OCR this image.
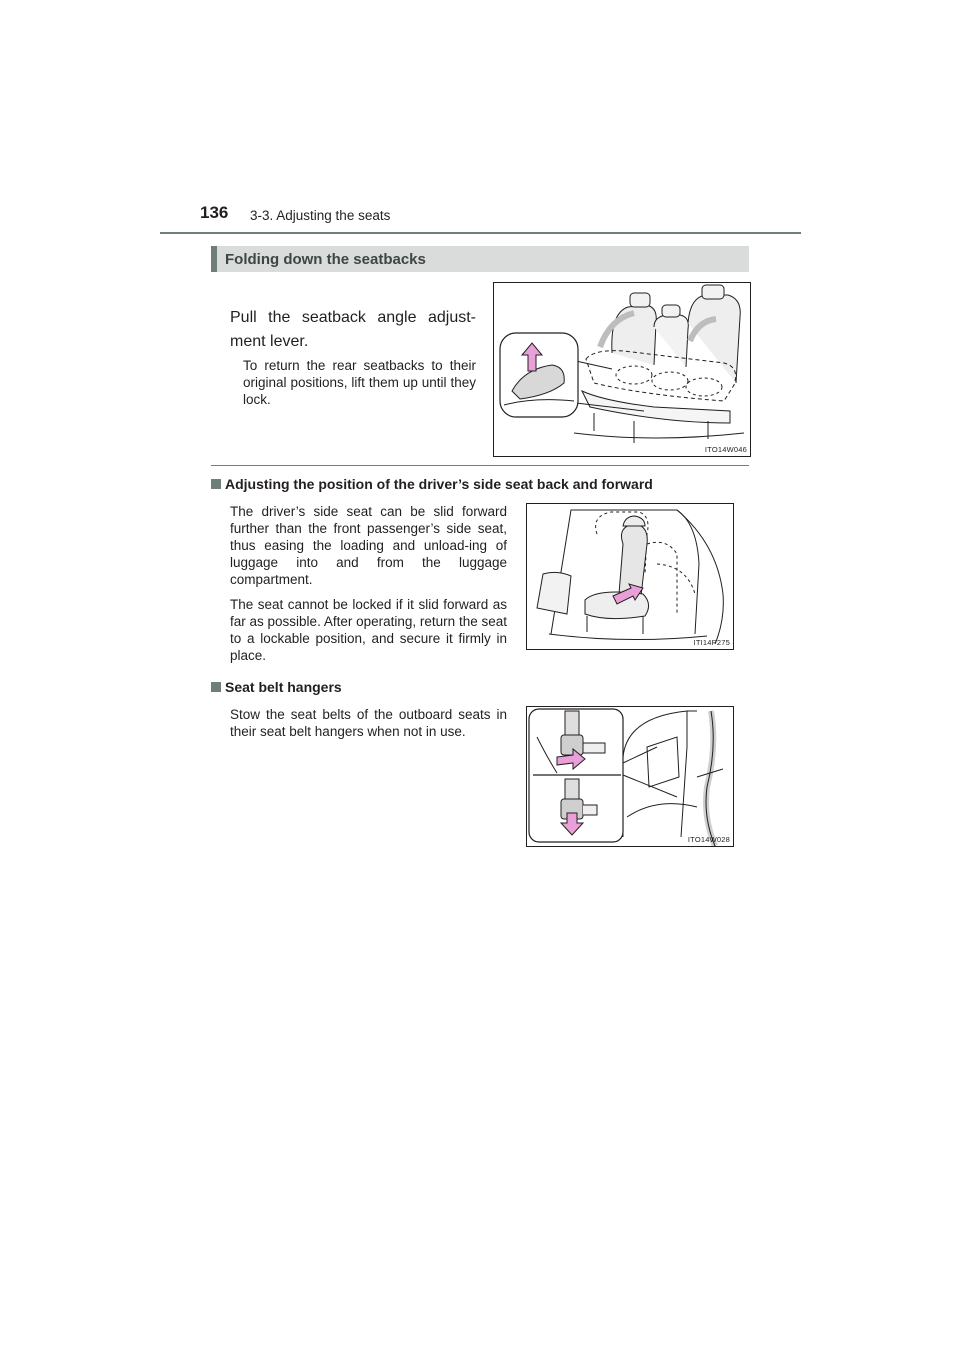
136 3-3. Adjusting the seats
Folding down the seatbacks
Pull the seatback angle adjust-ment lever.
To return the rear seatbacks to their original positions, lift them up until they lock.
ITO14W046
Adjusting the position of the driver’s side seat back and forward
The driver’s side seat can be slid forward further than the front passenger’s side seat, thus easing the loading and unload-ing of luggage into and from the luggage compartment.
The seat cannot be locked if it slid forward as far as possible. After operating, return the seat to a lockable position, and secure it firmly in place.
ITI14P275
Seat belt hangers
Stow the seat belts of the outboard seats in their seat belt hangers when not in use.
ITO14W028
